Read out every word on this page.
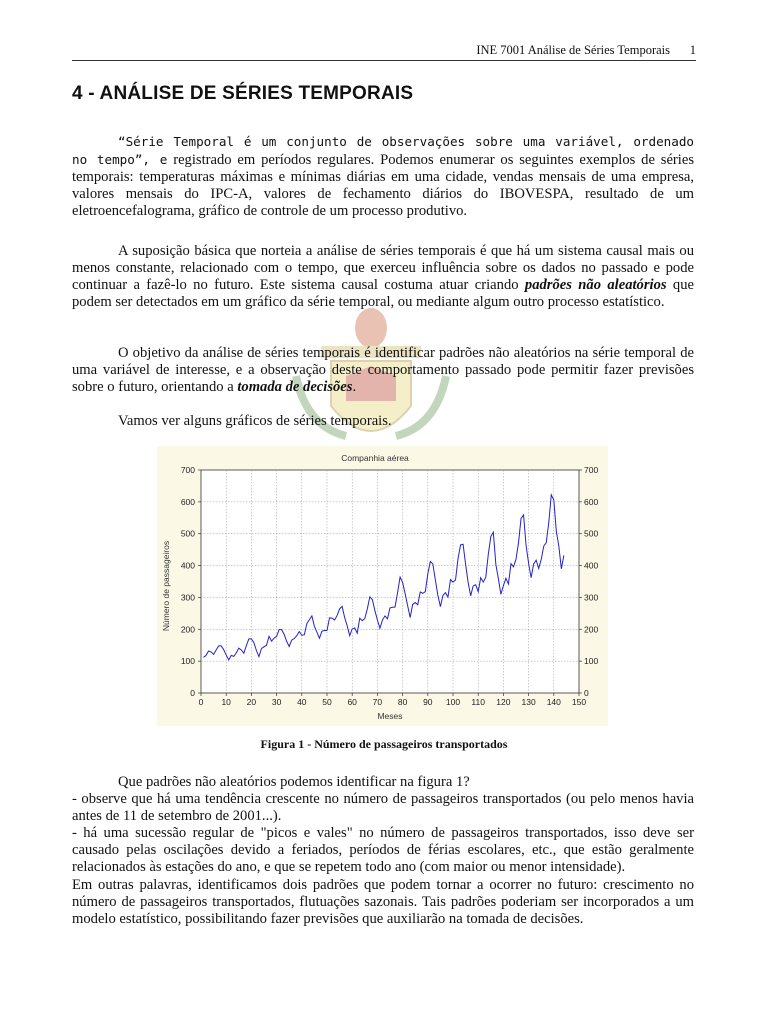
INE 7001 Análise de Séries Temporais 1
4 - ANÁLISE DE SÉRIES TEMPORAIS

“Série Temporal é um conjunto de observações sobre uma variável, ordenado no tempo”, e registrado em períodos regulares. Podemos enumerar os seguintes exemplos de séries temporais: temperaturas máximas e mínimas diárias em uma cidade, vendas mensais de uma empresa, valores mensais do IPC-A, valores de fechamento diários do IBOVESPA, resultado de um eletroencefalograma, gráfico de controle de um processo produtivo.

A suposição básica que norteia a análise de séries temporais é que há um sistema causal mais ou menos constante, relacionado com o tempo, que exerceu influência sobre os dados no passado e pode continuar a fazê-lo no futuro. Este sistema causal costuma atuar criando padrões não aleatórios que podem ser detectados em um gráfico da série temporal, ou mediante algum outro processo estatístico.

O objetivo da análise de séries temporais é identificar padrões não aleatórios na série temporal de uma variável de interesse, e a observação deste comportamento passado pode permitir fazer previsões sobre o futuro, orientando a tomada de decisões.

Vamos ver alguns gráficos de séries temporais.

Companhia aérea
Meses
Número de passageiros
0	0
100	100
200	200
300	300
400	400
500	500
600	600
700	700
0 10 20 30 40 50 60 70 80 90 100 110 120 130 140 150
Figura 1 - Número de passageiros transportados

Que padrões não aleatórios podemos identificar na figura 1?

- observe que há uma tendência crescente no número de passageiros transportados (ou pelo menos havia antes de 11 de setembro de 2001...).

- há uma sucessão regular de "picos e vales" no número de passageiros transportados, isso deve ser causado pelas oscilações devido a feriados, períodos de férias escolares, etc., que estão geralmente relacionados às estações do ano, e que se repetem todo ano (com maior ou menor intensidade).

Em outras palavras, identificamos dois padrões que podem tornar a ocorrer no futuro: crescimento no número de passageiros transportados, flutuações sazonais. Tais padrões poderiam ser incorporados a um modelo estatístico, possibilitando fazer previsões que auxiliarão na tomada de decisões.
